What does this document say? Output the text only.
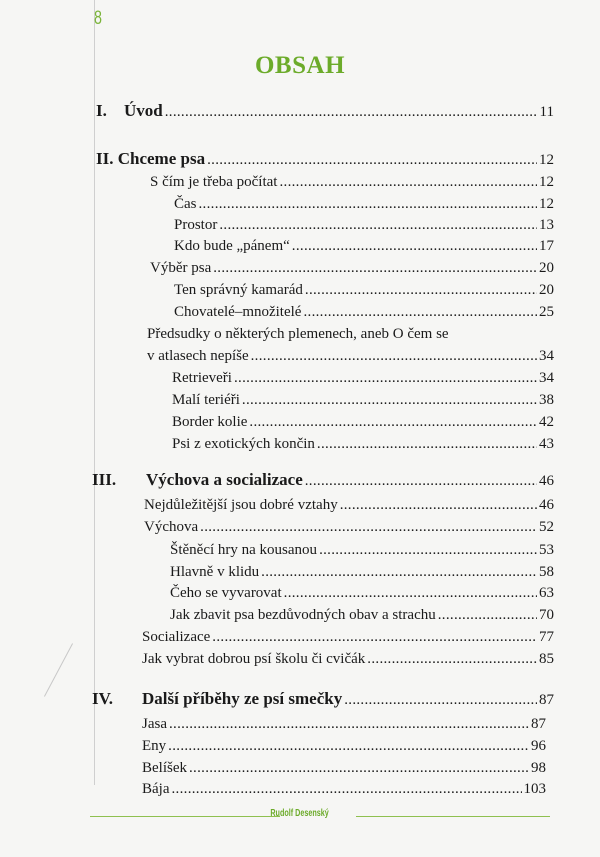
8
OBSAH
I. Úvod .....	11
II. Chceme psa .....	12
S čím je třeba počítat .....	12
Čas .....	12
Prostor .....	13
Kdo bude „pánem“ .....	17
Výběr psa .....	20
Ten správný kamarád .....	20
Chovatelé–množitelé .....	25
Předsudky o některých plemenech, aneb O čem se
v atlasech nepíše .....	34
Retrieveři .....	34
Malí teriéři .....	38
Border kolie .....	42
Psi z exotických končin .....	43
III. Výchova a socializace .....	46
Nejdůležitější jsou dobré vztahy .....	46
Výchova .....	52
Štěněcí hry na kousanou .....	53
Hlavně v klidu .....	58
Čeho se vyvarovat .....	63
Jak zbavit psa bezdůvodných obav a strachu .....	70
Socializace .....	77
Jak vybrat dobrou psí školu či cvičák .....	85
IV. Další příběhy ze psí smečky .....	87
Jasa .....	87
Eny .....	96
Belíšek .....	98
Bája .....	103
Rudolf Desenský
